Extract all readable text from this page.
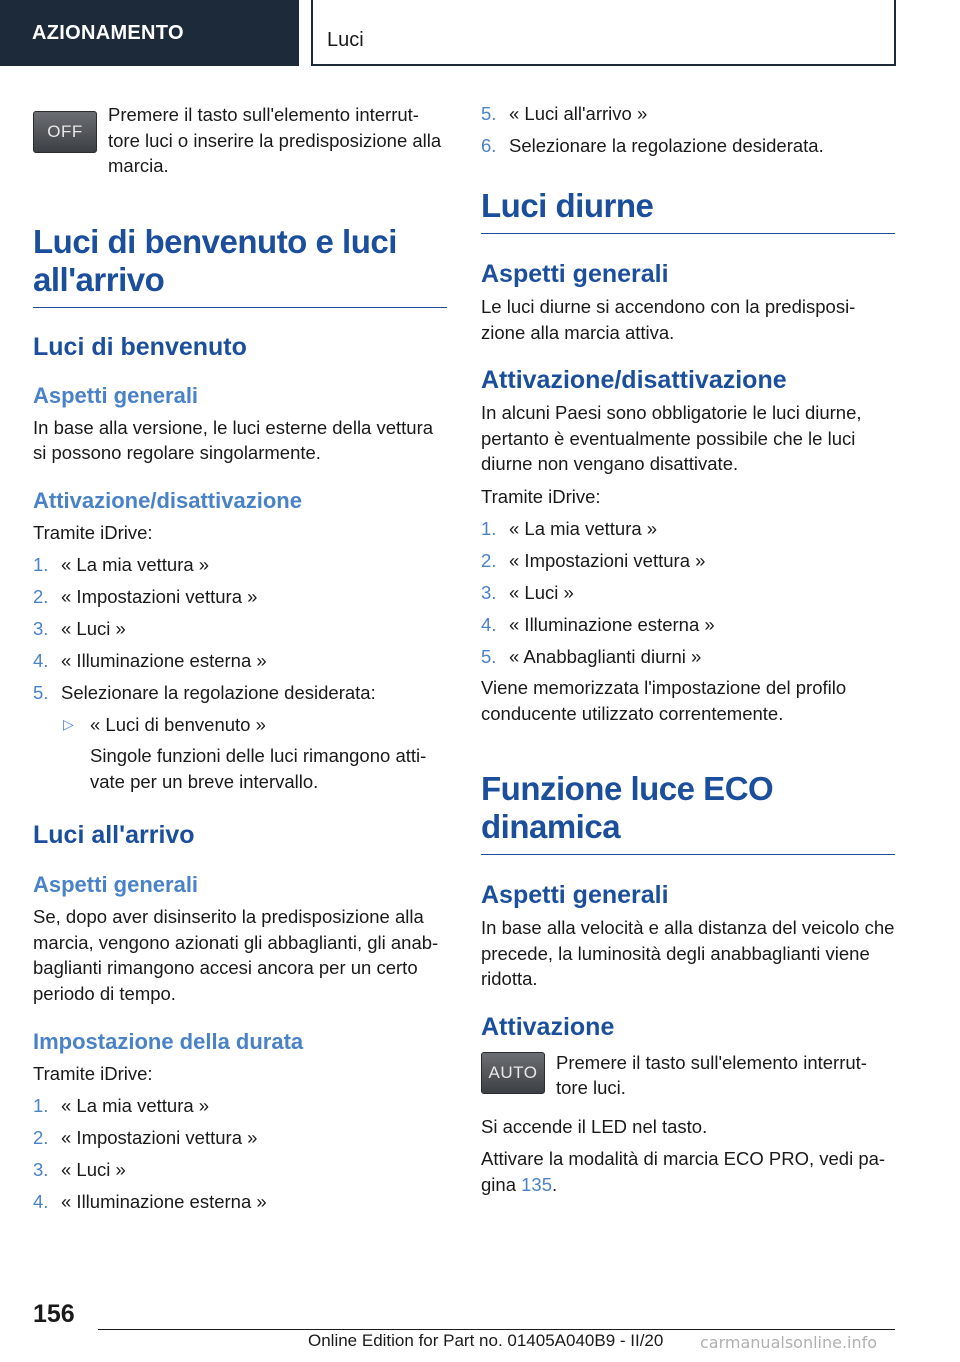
AZIONAMENTO	Luci
OFF

Premere il tasto sull'elemento interrut-tore luci o inserire la predisposizione alla marcia.

Luci di benvenuto e luci all'arrivo
Luci di benvenuto
Aspetti generali

In base alla versione, le luci esterne della vettura si possono regolare singolarmente.

Attivazione/disattivazione

Tramite iDrive:

1. « La mia vettura »
2. « Impostazioni vettura »
3. « Luci »
4. « Illuminazione esterna »
5. Selezionare la regolazione desiderata:
▷ « Luci di benvenuto »

Singole funzioni delle luci rimangono atti-vate per un breve intervallo.

Luci all'arrivo
Aspetti generali

Se, dopo aver disinserito la predisposizione alla marcia, vengono azionati gli abbaglianti, gli anab-baglianti rimangono accesi ancora per un certo periodo di tempo.

Impostazione della durata

Tramite iDrive:

1. « La mia vettura »
2. « Impostazioni vettura »
3. « Luci »
4. « Illuminazione esterna »
5. « Luci all'arrivo »
6. Selezionare la regolazione desiderata.
Luci diurne
Aspetti generali

Le luci diurne si accendono con la predisposi-zione alla marcia attiva.

Attivazione/disattivazione

In alcuni Paesi sono obbligatorie le luci diurne, pertanto è eventualmente possibile che le luci diurne non vengano disattivate.

Tramite iDrive:

1. « La mia vettura »
2. « Impostazioni vettura »
3. « Luci »
4. « Illuminazione esterna »
5. « Anabbaglianti diurni »

Viene memorizzata l'impostazione del profilo conducente utilizzato correntemente.

Funzione luce ECO dinamica
Aspetti generali

In base alla velocità e alla distanza del veicolo che precede, la luminosità degli anabbaglianti viene ridotta.

Attivazione
AUTO	Premere il tasto sull'elemento interrut-tore luci.

Si accende il LED nel tasto.

Attivare la modalità di marcia ECO PRO, vedi pa-gina 135.

156
Online Edition for Part no. 01405A040B9 - II/20 carmanualsonline.info
